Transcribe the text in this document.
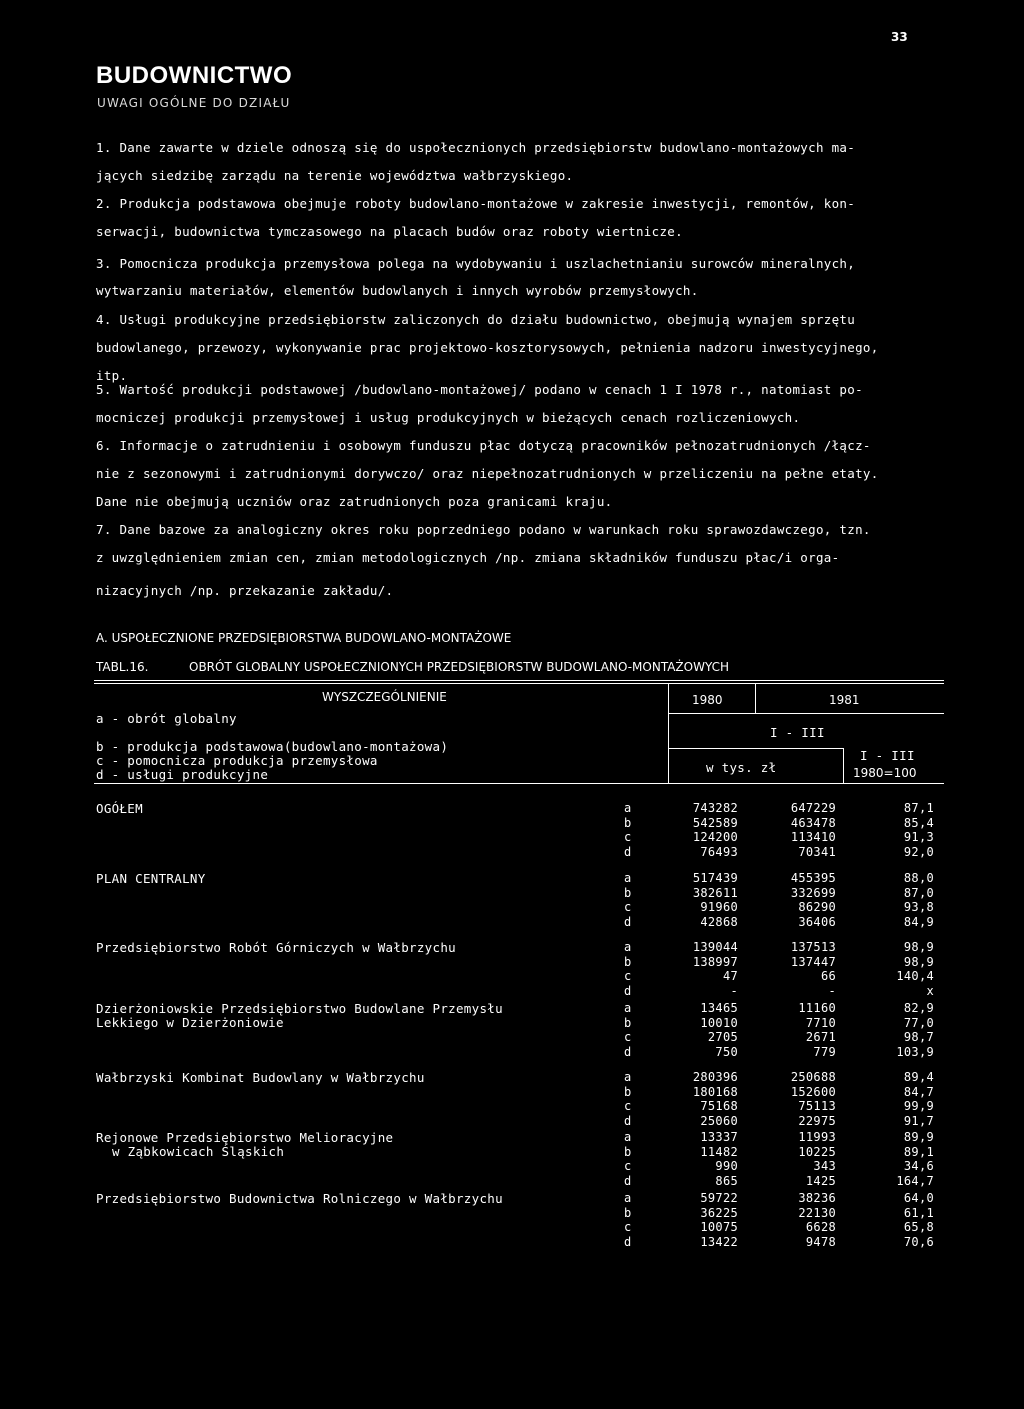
33
BUDOWNICTWO
UWAGI OGÓLNE DO DZIAŁU
1. Dane zawarte w dziele odnoszą się do uspołecznionych przedsiębiorstw budowlano-montażowych ma-
jących siedzibę zarządu na terenie województwa wałbrzyskiego.
2. Produkcja podstawowa obejmuje roboty budowlano-montażowe w zakresie inwestycji, remontów, kon-
serwacji, budownictwa tymczasowego na placach budów oraz roboty wiertnicze.
3. Pomocnicza produkcja przemysłowa polega na wydobywaniu i uszlachetnianiu surowców mineralnych,
wytwarzaniu materiałów, elementów budowlanych i innych wyrobów przemysłowych.
4. Usługi produkcyjne przedsiębiorstw zaliczonych do działu budownictwo, obejmują wynajem sprzętu
budowlanego, przewozy, wykonywanie prac projektowo-kosztorysowych, pełnienia nadzoru inwestycyjnego,
itp.
5. Wartość produkcji podstawowej /budowlano-montażowej/ podano w cenach 1 I 1978 r., natomiast po-
mocniczej produkcji przemysłowej i usług produkcyjnych w bieżących cenach rozliczeniowych.
6. Informacje o zatrudnieniu i osobowym funduszu płac dotyczą pracowników pełnozatrudnionych /łącz-
nie z sezonowymi i zatrudnionymi dorywczo/ oraz niepełnozatrudnionych w przeliczeniu na pełne etaty.
Dane nie obejmują uczniów oraz zatrudnionych poza granicami kraju.
7. Dane bazowe za analogiczny okres roku poprzedniego podano w warunkach roku sprawozdawczego, tzn.
z uwzględnieniem zmian cen, zmian metodologicznych /np. zmiana składników funduszu płac/i orga-
nizacyjnych /np. przekazanie zakładu/.
A. USPOŁECZNIONE PRZEDSIĘBIORSTWA BUDOWLANO-MONTAŻOWE
TABL.16.	OBRÓT GLOBALNY USPOŁECZNIONYCH PRZEDSIĘBIORSTW BUDOWLANO-MONTAŻOWYCH
WYSZCZEGÓLNIENIE
a - obrót globalny
b - produkcja podstawowa(budowlano-montażowa)
c - pomocnicza produkcja przemysłowa
d - usługi produkcyjne
1980	1981
I - III
w tys. zł
I - III
1980=100
OGÓŁEM	a	743282	647229	87,1
b	542589	463478	85,4
c	124200	113410	91,3
d	76493	70341	92,0
PLAN CENTRALNY	a	517439	455395	88,0
b	382611	332699	87,0
c	91960	86290	93,8
d	42868	36406	84,9
Przedsiębiorstwo Robót Górniczych w Wałbrzychu	a	139044	137513	98,9
b	138997	137447	98,9
c	47	66	140,4
d	-	-	x
Dzierżoniowskie Przedsiębiorstwo Budowlane Przemysłu
Lekkiego w Dzierżoniowie
a	13465	11160	82,9
b	10010	7710	77,0
c	2705	2671	98,7
d	750	779	103,9
Wałbrzyski Kombinat Budowlany w Wałbrzychu	a	280396	250688	89,4
b	180168	152600	84,7
c	75168	75113	99,9
d	25060	22975	91,7
Rejonowe Przedsiębiorstwo Melioracyjne
w Ząbkowicach Śląskich
a	13337	11993	89,9
b	11482	10225	89,1
c	990	343	34,6
d	865	1425	164,7
Przedsiębiorstwo Budownictwa Rolniczego w Wałbrzychu	a	59722	38236	64,0
b	36225	22130	61,1
c	10075	6628	65,8
d	13422	9478	70,6
